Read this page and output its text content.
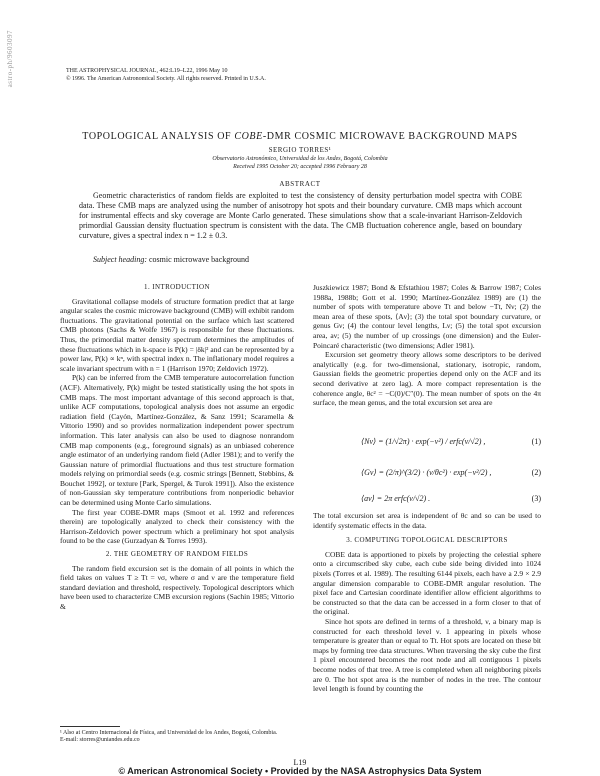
astro-ph/9603097	THE ASTROPHYSICAL JOURNAL, 462:L19–L22, 1996 May 10
© 1996. The American Astronomical Society. All rights reserved. Printed in U.S.A.
TOPOLOGICAL ANALYSIS OF COBE-DMR COSMIC MICROWAVE BACKGROUND MAPS
SERGIO TORRES¹
Observatorio Astronómico, Universidad de los Andes, Bogotá, Colombia
Received 1995 October 20; accepted 1996 February 28
ABSTRACT
Geometric characteristics of random fields are exploited to test the consistency of density perturbation model spectra with COBE data. These CMB maps are analyzed using the number of anisotropy hot spots and their boundary curvature. CMB maps which account for instrumental effects and sky coverage are Monte Carlo generated. These simulations show that a scale-invariant Harrison-Zeldovich primordial Gaussian density fluctuation spectrum is consistent with the data. The CMB fluctuation coherence angle, based on boundary curvature, gives a spectral index n = 1.2 ± 0.3.
Subject heading: cosmic microwave background
1. INTRODUCTION

Gravitational collapse models of structure formation predict that at large angular scales the cosmic microwave background (CMB) will exhibit random fluctuations. The gravitational potential on the surface which last scattered CMB photons (Sachs & Wolfe 1967) is responsible for these fluctuations. Thus, the primordial matter density spectrum determines the amplitudes of these fluctuations which in k-space is P(k) = |δk|² and can be represented by a power law, P(k) ∝ kⁿ, with spectral index n. The inflationary model requires a scale invariant spectrum with n = 1 (Harrison 1970; Zeldovich 1972).

P(k) can be inferred from the CMB temperature autocorrelation function (ACF). Alternatively, P(k) might be tested statistically using the hot spots in CMB maps. The most important advantage of this second approach is that, unlike ACF computations, topological analysis does not assume an ergodic radiation field (Cayón, Martínez-González, & Sanz 1991; Scaramella & Vittorio 1990) and so provides normalization independent power spectrum information. This later analysis can also be used to diagnose nonrandom CMB map components (e.g., foreground signals) as an unbiased coherence angle estimator of an underlying random field (Adler 1981); and to verify the Gaussian nature of primordial fluctuations and thus test structure formation models relying on primordial seeds (e.g. cosmic strings [Bennett, Stebbins, & Bouchet 1992], or texture [Park, Spergel, & Turok 1991]). Also the existence of non-Gaussian sky temperature contributions from nonperiodic behavior can be determined using Monte Carlo simulations.

The first year COBE-DMR maps (Smoot et al. 1992 and references therein) are topologically analyzed to check their consistency with the Harrison-Zeldovich power spectrum which a preliminary hot spot analysis found to be the case (Gurzadyan & Torres 1993).

2. THE GEOMETRY OF RANDOM FIELDS

The random field excursion set is the domain of all points in which the field takes on values T ≥ Tt = νσ, where σ and ν are the temperature field standard deviation and threshold, respectively. Topological descriptors which have been used to characterize CMB excursion regions (Sachin 1985; Vittorio &

¹ Also at Centro Internacional de Física, and Universidad de los Andes, Bogotá, Colombia.
E-mail: storres@uniandes.edu.co

Juszkiewicz 1987; Bond & Efstathiou 1987; Coles & Barrow 1987; Coles 1988a, 1988b; Gott et al. 1990; Martínez-González 1989) are (1) the number of spots with temperature above Tt and below −Tt, Nν; (2) the mean area of these spots, ⟨Aν⟩; (3) the total spot boundary curvature, or genus Gν; (4) the contour level lengths, Lν; (5) the total spot excursion area, aν; (5) the number of up crossings (one dimension) and the Euler-Poincaré characteristic (two dimensions; Adler 1981).

Excursion set geometry theory allows some descriptors to be derived analytically (e.g. for two-dimensional, stationary, isotropic, random, Gaussian fields the geometric properties depend only on the ACF and its second derivative at zero lag). A more compact representation is the coherence angle, θc² = −C(0)/C″(0). The mean number of spots on the 4π surface, the mean genus, and the total excursion set area are

⟨Nν⟩ = (1/√2π) · exp(−ν²) / erfc(ν/√2) ,	(1)
⟨Gν⟩ = (2/π)^(3/2) · (ν/θc²) · exp(−ν²/2) ,	(2)
⟨aν⟩ = 2π erfc(ν/√2) .	(3)

The total excursion set area is independent of θc and so can be used to identify systematic effects in the data.

3. COMPUTING TOPOLOGICAL DESCRIPTORS

COBE data is apportioned to pixels by projecting the celestial sphere onto a circumscribed sky cube, each cube side being divided into 1024 pixels (Torres et al. 1989). The resulting 6144 pixels, each have a 2.9 × 2.9 angular dimension comparable to COBE-DMR angular resolution. The pixel face and Cartesian coordinate identifier allow efficient algorithms to be constructed so that the data can be accessed in a form closer to that of the original.

Since hot spots are defined in terms of a threshold, ν, a binary map is constructed for each threshold level ν. 1 appearing in pixels whose temperature is greater than or equal to Tt. Hot spots are located on these bit maps by forming tree data structures. When traversing the sky cube the first 1 pixel encountered becomes the root node and all contiguous 1 pixels become nodes of that tree. A tree is completed when all neighboring pixels are 0. The hot spot area is the number of nodes in the tree. The contour level length is found by counting the

L19
© American Astronomical Society • Provided by the NASA Astrophysics Data System
